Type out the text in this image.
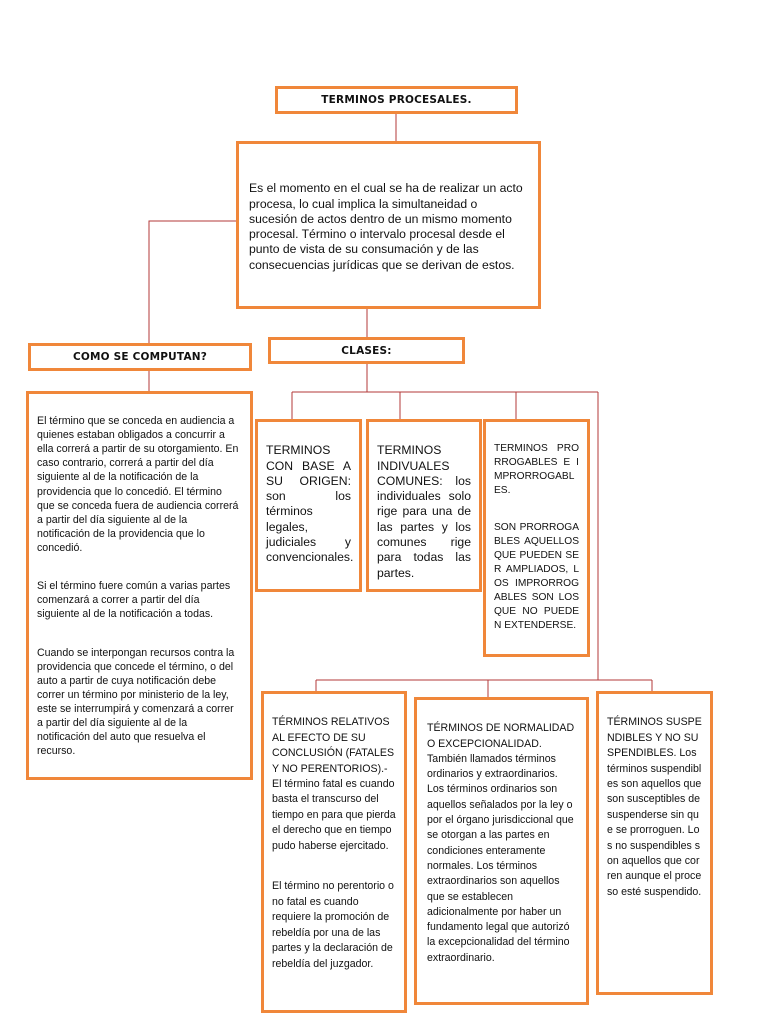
TERMINOS PROCESALES.

Es el momento en el cual se ha de realizar un acto procesa, lo cual implica la simultaneidad o sucesión de actos dentro de un mismo momento procesal. Término o intervalo procesal desde el punto de vista de su consumación y de las consecuencias jurídicas que se derivan de estos.

COMO SE COMPUTAN?

El término que se conceda en audiencia a quienes estaban obligados a concurrir a ella correrá a partir de su otorgamiento. En caso contrario, correrá a partir del día siguiente al de la notificación de la providencia que lo concedió. El término que se conceda fuera de audiencia correrá a partir del día siguiente al de la notificación de la providencia que lo concedió.

Si el término fuere común a varias partes comenzará a correr a partir del día siguiente al de la notificación a todas.

Cuando se interpongan recursos contra la providencia que concede el término, o del auto a partir de cuya notificación debe correr un término por ministerio de la ley, este se interrumpirá y comenzará a correr a partir del día siguiente al de la notificación del auto que resuelva el recurso.

CLASES:

TERMINOS CON BASE A SU ORIGEN: son los términos legales, judiciales y convencionales.

TERMINOS INDIVUALES COMUNES: los individuales solo rige para una de las partes y los comunes rige para todas las partes.

TERMINOS PRORROGABLES E IMPRORROGABLES.

SON PRORROGABLES AQUELLOS QUE PUEDEN SER AMPLIADOS, LOS IMPRORROGABLES SON LOS QUE NO PUEDEN EXTENDERSE.

TÉRMINOS RELATIVOS AL EFECTO DE SU CONCLUSIÓN (FATALES Y NO PERENTORIOS).- El término fatal es cuando basta el transcurso del tiempo en para que pierda el derecho que en tiempo pudo haberse ejercitado.

El término no perentorio o no fatal es cuando requiere la promoción de rebeldía por una de las partes y la declaración de rebeldía del juzgador.

TÉRMINOS DE NORMALIDAD O EXCEPCIONALIDAD. También llamados términos ordinarios y extraordinarios. Los términos ordinarios son aquellos señalados por la ley o por el órgano jurisdiccional que se otorgan a las partes en condiciones enteramente normales. Los términos extraordinarios son aquellos que se establecen adicionalmente por haber un fundamento legal que autorizó la excepcionalidad del término extraordinario.

TÉRMINOS SUSPENDIBLES Y NO SUSPENDIBLES. Los términos suspendibles son aquellos que son susceptibles de suspenderse sin que se prorroguen. Los no suspendibles son aquellos que corren aunque el proceso esté suspendido.
